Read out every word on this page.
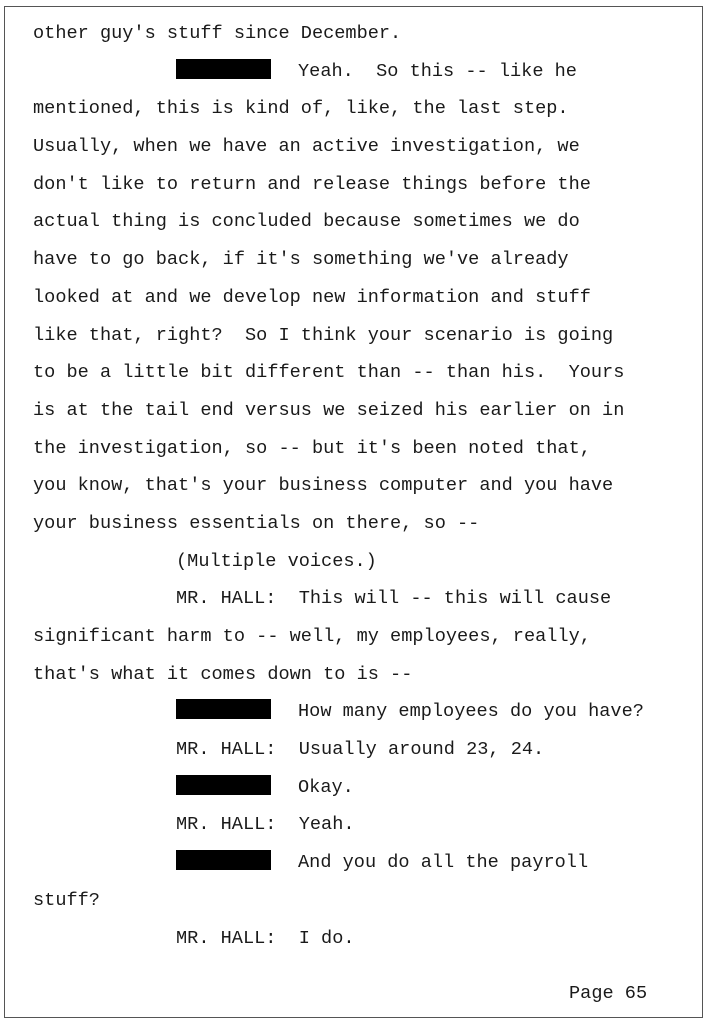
other guy's stuff since December.
Yeah.  So this -- like he
mentioned, this is kind of, like, the last step.
Usually, when we have an active investigation, we
don't like to return and release things before the
actual thing is concluded because sometimes we do
have to go back, if it's something we've already
looked at and we develop new information and stuff
like that, right?  So I think your scenario is going
to be a little bit different than -- than his.  Yours
is at the tail end versus we seized his earlier on in
the investigation, so -- but it's been noted that,
you know, that's your business computer and you have
your business essentials on there, so --
(Multiple voices.)
MR. HALL:  This will -- this will cause
significant harm to -- well, my employees, really,
that's what it comes down to is --
How many employees do you have?
MR. HALL:  Usually around 23, 24.
Okay.
MR. HALL:  Yeah.
And you do all the payroll
stuff?
MR. HALL:  I do.
Page 65
